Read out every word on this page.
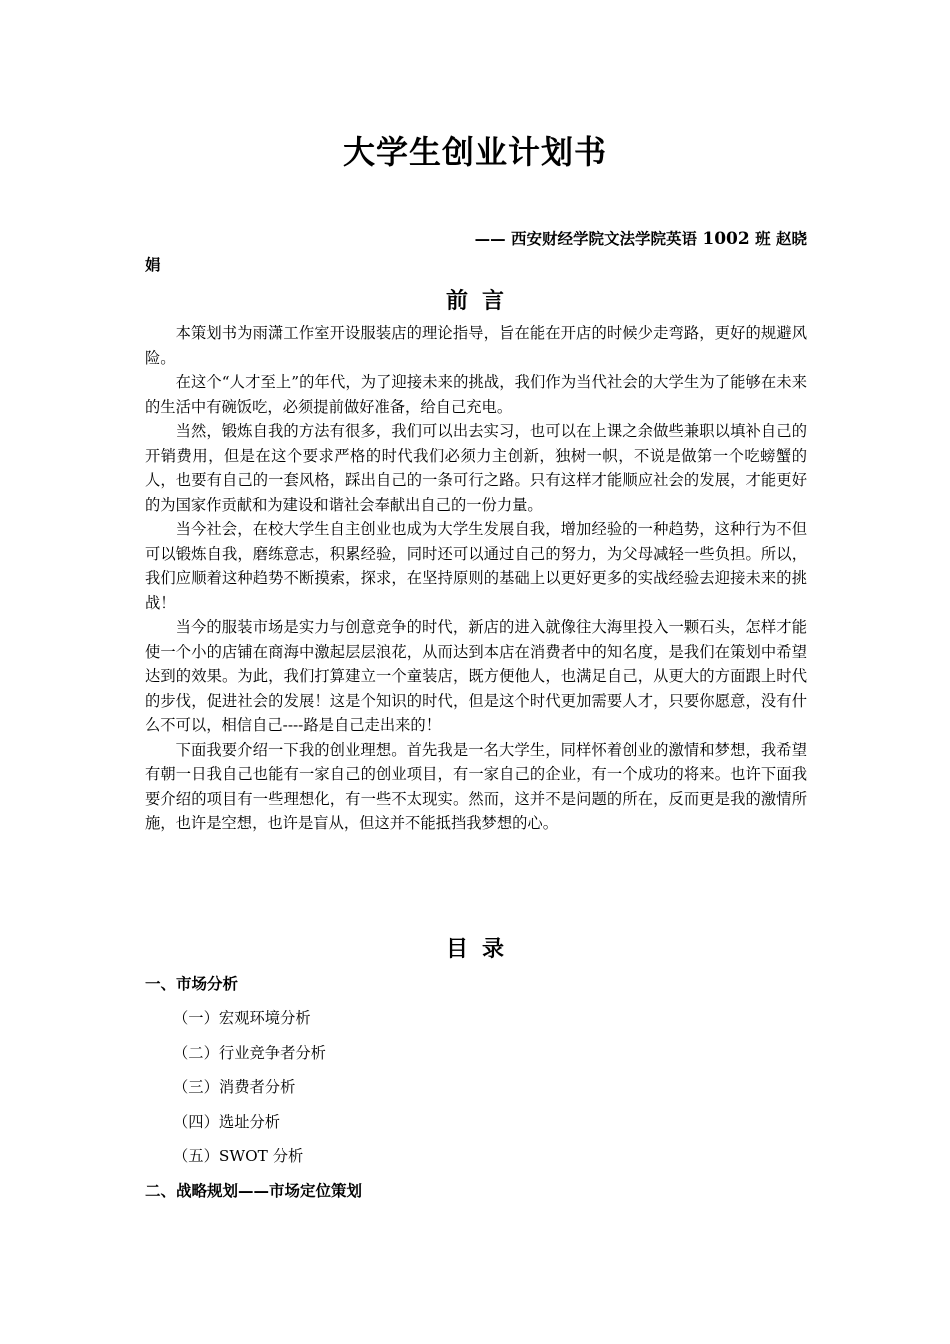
大学生创业计划书
—— 西安财经学院文法学院英语 1002 班 赵晓
娟
前言

本策划书为雨潇工作室开设服装店的理论指导，旨在能在开店的时候少走弯路，更好的规避风险。

在这个“人才至上”的年代，为了迎接未来的挑战，我们作为当代社会的大学生为了能够在未来的生活中有碗饭吃，必须提前做好准备，给自己充电。

当然，锻炼自我的方法有很多，我们可以出去实习，也可以在上课之余做些兼职以填补自己的开销费用，但是在这个要求严格的时代我们必须力主创新，独树一帜，不说是做第一个吃螃蟹的人，也要有自己的一套风格，踩出自己的一条可行之路。只有这样才能顺应社会的发展，才能更好的为国家作贡献和为建设和谐社会奉献出自己的一份力量。

当今社会，在校大学生自主创业也成为大学生发展自我，增加经验的一种趋势，这种行为不但可以锻炼自我，磨练意志，积累经验，同时还可以通过自己的努力，为父母减轻一些负担。所以，我们应顺着这种趋势不断摸索，探求，在坚持原则的基础上以更好更多的实战经验去迎接未来的挑战！

当今的服装市场是实力与创意竞争的时代，新店的进入就像往大海里投入一颗石头，怎样才能使一个小的店铺在商海中激起层层浪花，从而达到本店在消费者中的知名度，是我们在策划中希望达到的效果。为此，我们打算建立一个童装店，既方便他人，也满足自己，从更大的方面跟上时代的步伐，促进社会的发展！这是个知识的时代，但是这个时代更加需要人才，只要你愿意，没有什么不可以，相信自己----路是自己走出来的！

下面我要介绍一下我的创业理想。首先我是一名大学生，同样怀着创业的激情和梦想，我希望有朝一日我自己也能有一家自己的创业项目，有一家自己的企业，有一个成功的将来。也许下面我要介绍的项目有一些理想化，有一些不太现实。然而，这并不是问题的所在，反而更是我的激情所施，也许是空想，也许是盲从，但这并不能抵挡我梦想的心。

目录
一、市场分析
（一）宏观环境分析
（二）行业竞争者分析
（三）消费者分析
（四）选址分析
（五）SWOT 分析
二、战略规划——市场定位策划
